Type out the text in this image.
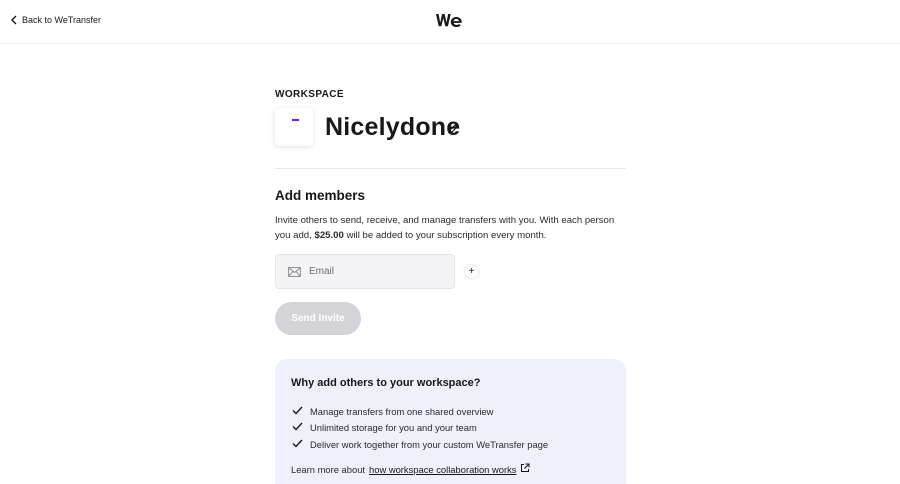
Back to WeTransfer
WORKSPACE
Nicelydone
Add members

Invite others to send, receive, and manage transfers with you. With each person you add, $25.00 will be added to your subscription every month.

Email
+
Send Invite
Why add others to your workspace?
Manage transfers from one shared overview
Unlimited storage for you and your team
Deliver work together from your custom WeTransfer page
Learn more about how workspace collaboration works
